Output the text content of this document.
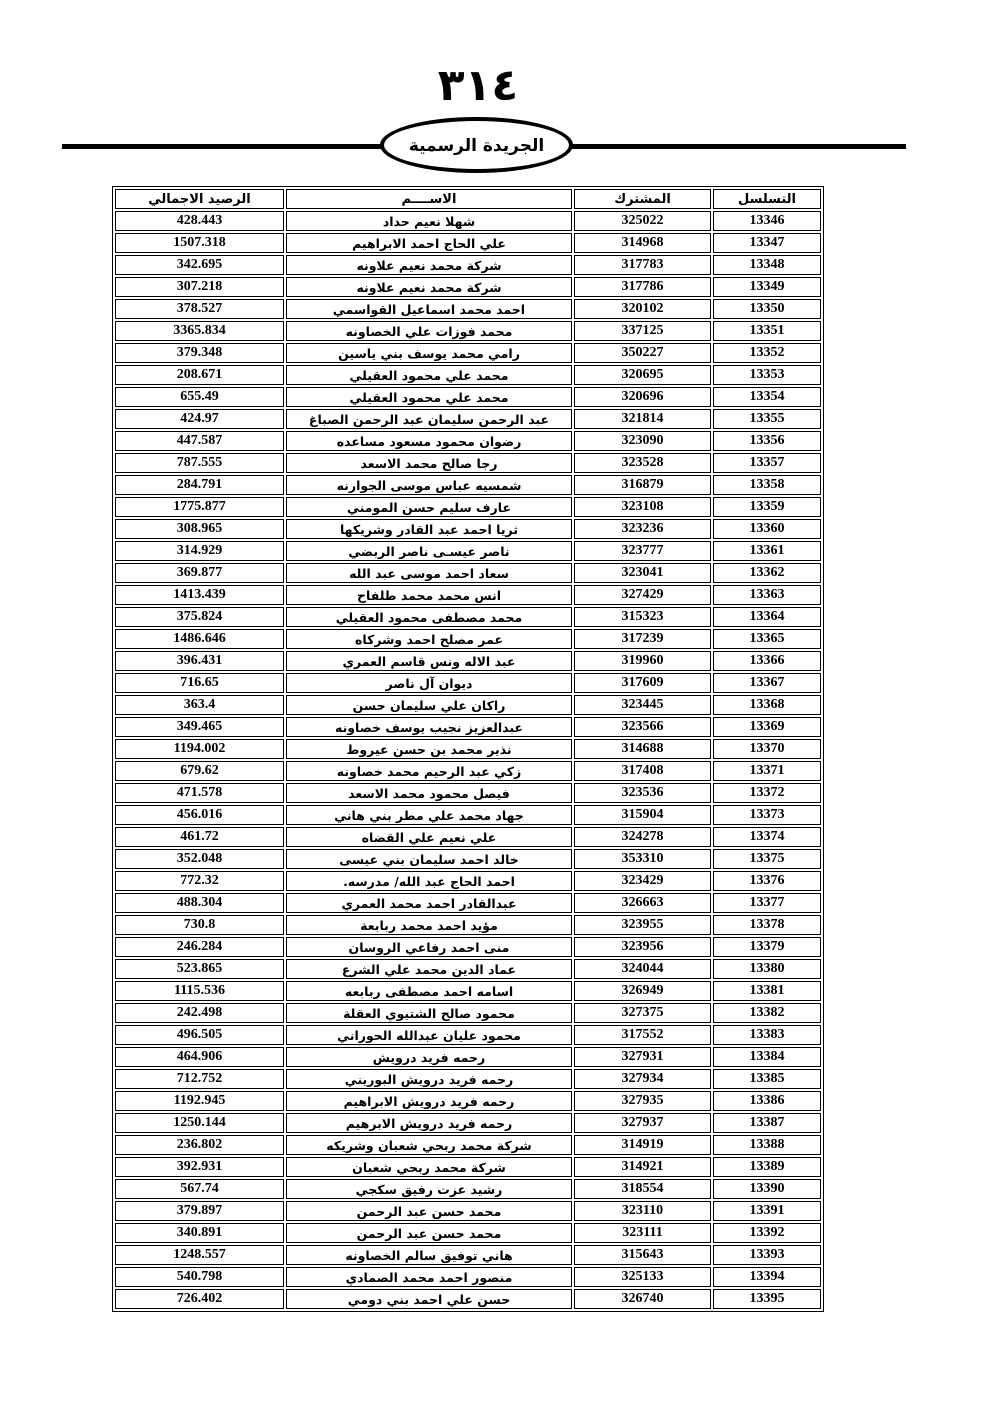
٣١٤
الجريدة الرسمية
التسلسل	المشترك	الاســــم	الرصيد الاجمالي
13346	325022	شهلا نعيم حداد	428.443
13347	314968	علي الحاج احمد الابراهيم	1507.318
13348	317783	شركة محمد نعيم علاونه	342.695
13349	317786	شركة محمد نعيم علاونه	307.218
13350	320102	احمد محمد اسماعيل القواسمي	378.527
13351	337125	محمد فوزات علي الخصاونه	3365.834
13352	350227	رامي محمد يوسف بني ياسين	379.348
13353	320695	محمد علي محمود العقيلي	208.671
13354	320696	محمد علي محمود العقيلي	655.49
13355	321814	عبد الرحمن سليمان عبد الرحمن الصباغ	424.97
13356	323090	رضوان محمود مسعود مساعده	447.587
13357	323528	رجا صالح محمد الاسعد	787.555
13358	316879	شمسيه عباس موسى الجوارنه	284.791
13359	323108	عارف سليم حسن المومني	1775.877
13360	323236	ثريا احمد عبد القادر وشريكها	308.965
13361	323777	ناصر عيسـى ناصر الربضي	314.929
13362	323041	سعاد احمد موسى عبد الله	369.877
13363	327429	انس محمد محمد طلفاح	1413.439
13364	315323	محمد مصطفى محمود العقيلي	375.824
13365	317239	عمر مصلح احمد وشركاه	1486.646
13366	319960	عبد الاله ونس قاسم العمري	396.431
13367	317609	ديوان آل ناصر	716.65
13368	323445	راكان علي سليمان حسن	363.4
13369	323566	عبدالعزيز نجيب يوسف خصاونه	349.465
13370	314688	نذير محمد بن حسن عيروط	1194.002
13371	317408	زكي عبد الرحيم محمد خصاونه	679.62
13372	323536	فيصل محمود محمد الاسعد	471.578
13373	315904	جهاد محمد علي مطر بني هاني	456.016
13374	324278	علي نعيم علي القضاه	461.72
13375	353310	خالد احمد سليمان بني عيسى	352.048
13376	323429	احمد الحاج عبد الله/ مدرسه.	772.32
13377	326663	عبدالقادر احمد محمد العمري	488.304
13378	323955	مؤيد احمد محمد ربابعة	730.8
13379	323956	منى احمد رفاعي الروسان	246.284
13380	324044	عماد الدين محمد علي الشرع	523.865
13381	326949	اسامه احمد مصطفى ربابعه	1115.536
13382	327375	محمود صالح الشتيوي العقلة	242.498
13383	317552	محمود عليان عبدالله الحوراني	496.505
13384	327931	رحمه فريد درويش	464.906
13385	327934	رحمه فريد درويش البوريني	712.752
13386	327935	رحمه فريد درويش الابراهيم	1192.945
13387	327937	رحمه فريد درويش الابرهيم	1250.144
13388	314919	شركة محمد ربحي شعبان وشريكه	236.802
13389	314921	شركة محمد ربحي شعبان	392.931
13390	318554	رشيد عزت رفيق سكجي	567.74
13391	323110	محمد حسن عبد الرحمن	379.897
13392	323111	محمد حسن عبد الرحمن	340.891
13393	315643	هاني توفيق سالم الخصاونه	1248.557
13394	325133	منصور احمد محمد الصمادي	540.798
13395	326740	حسن علي احمد بني دومي	726.402
